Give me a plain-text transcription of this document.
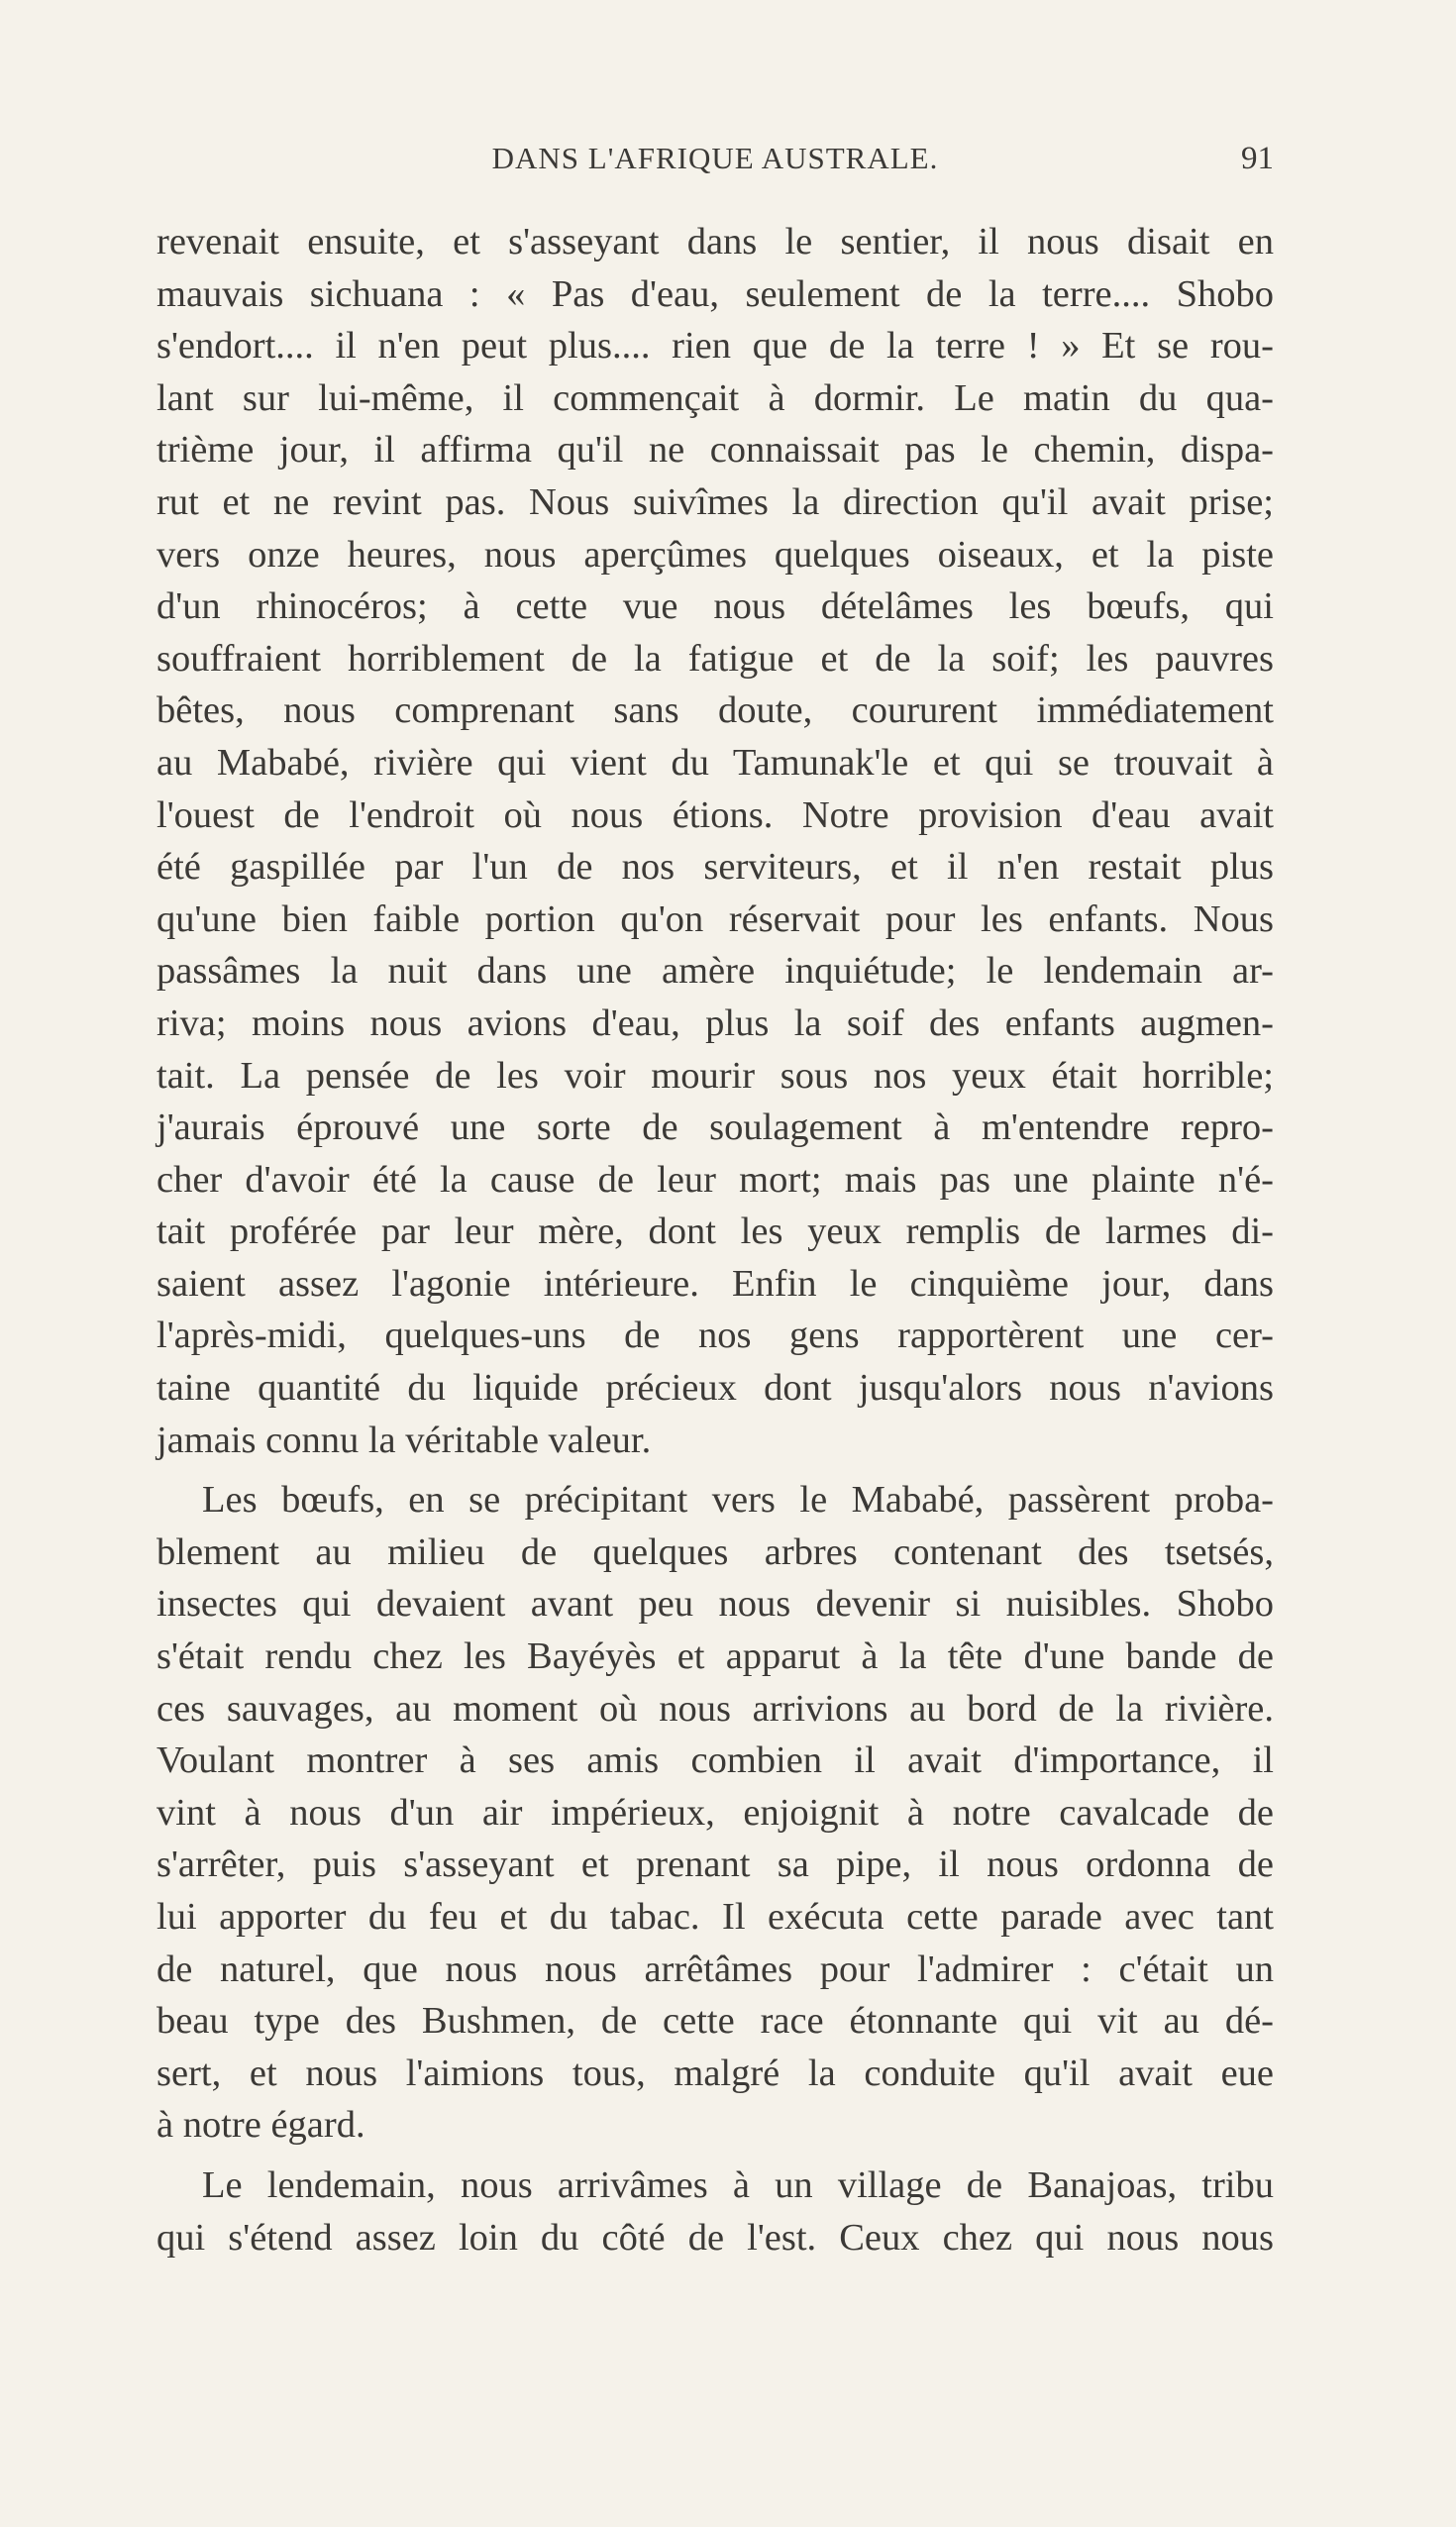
DANS L'AFRIQUE AUSTRALE.	91
revenait ensuite, et s'asseyant dans le sentier, il nous disait en
mauvais sichuana : « Pas d'eau, seulement de la terre.... Shobo
s'endort.... il n'en peut plus.... rien que de la terre ! » Et se rou-
lant sur lui-même, il commençait à dormir. Le matin du qua-
trième jour, il affirma qu'il ne connaissait pas le chemin, dispa-
rut et ne revint pas. Nous suivîmes la direction qu'il avait prise;
vers onze heures, nous aperçûmes quelques oiseaux, et la piste
d'un rhinocéros; à cette vue nous dételâmes les bœufs, qui
souffraient horriblement de la fatigue et de la soif; les pauvres
bêtes, nous comprenant sans doute, coururent immédiatement
au Mababé, rivière qui vient du Tamunak'le et qui se trouvait à
l'ouest de l'endroit où nous étions. Notre provision d'eau avait
été gaspillée par l'un de nos serviteurs, et il n'en restait plus
qu'une bien faible portion qu'on réservait pour les enfants. Nous
passâmes la nuit dans une amère inquiétude; le lendemain ar-
riva; moins nous avions d'eau, plus la soif des enfants augmen-
tait. La pensée de les voir mourir sous nos yeux était horrible;
j'aurais éprouvé une sorte de soulagement à m'entendre repro-
cher d'avoir été la cause de leur mort; mais pas une plainte n'é-
tait proférée par leur mère, dont les yeux remplis de larmes di-
saient assez l'agonie intérieure. Enfin le cinquième jour, dans
l'après-midi, quelques-uns de nos gens rapportèrent une cer-
taine quantité du liquide précieux dont jusqu'alors nous n'avions
jamais connu la véritable valeur.
Les bœufs, en se précipitant vers le Mababé, passèrent proba-
blement au milieu de quelques arbres contenant des tsetsés,
insectes qui devaient avant peu nous devenir si nuisibles. Shobo
s'était rendu chez les Bayéyès et apparut à la tête d'une bande de
ces sauvages, au moment où nous arrivions au bord de la rivière.
Voulant montrer à ses amis combien il avait d'importance, il
vint à nous d'un air impérieux, enjoignit à notre cavalcade de
s'arrêter, puis s'asseyant et prenant sa pipe, il nous ordonna de
lui apporter du feu et du tabac. Il exécuta cette parade avec tant
de naturel, que nous nous arrêtâmes pour l'admirer : c'était un
beau type des Bushmen, de cette race étonnante qui vit au dé-
sert, et nous l'aimions tous, malgré la conduite qu'il avait eue
à notre égard.
Le lendemain, nous arrivâmes à un village de Banajoas, tribu
qui s'étend assez loin du côté de l'est. Ceux chez qui nous nous
